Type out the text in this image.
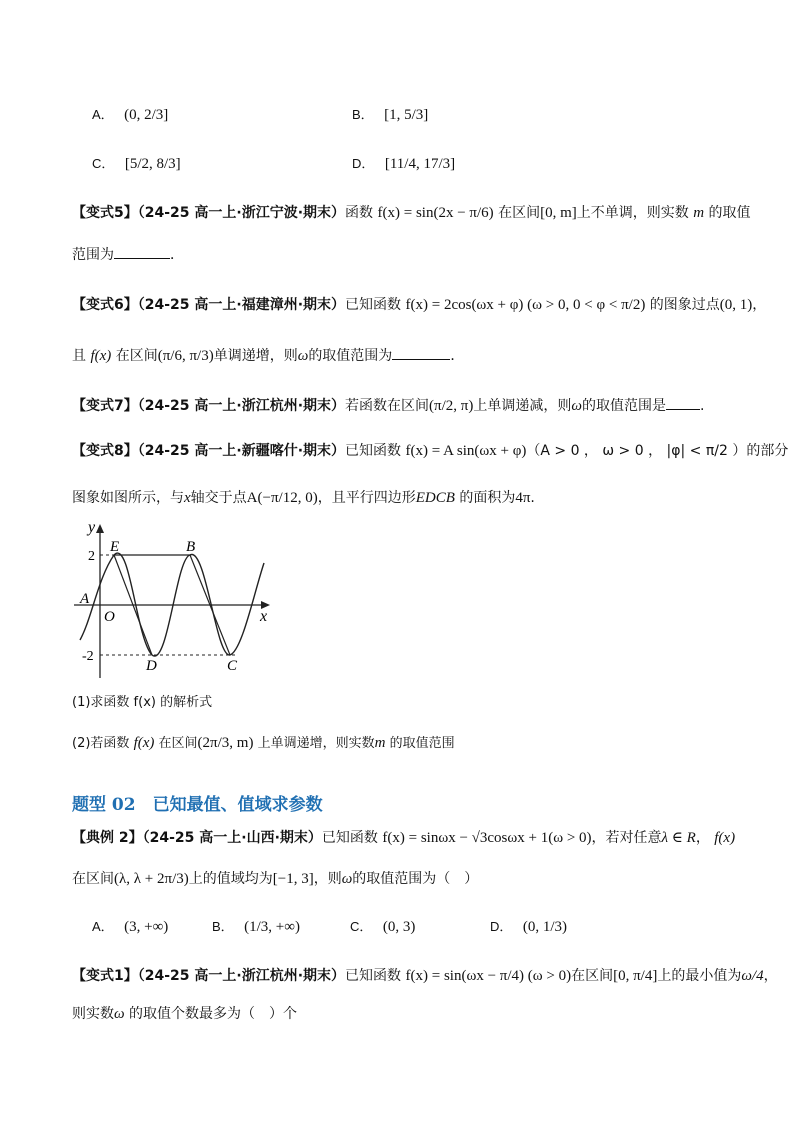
A． (0, 2/3]	B． [1, 5/3]
C． [5/2, 8/3]	D． [11/4, 17/3]
【变式5】（24-25 高一上·浙江宁波·期末）函数 f(x) = sin(2x − π/6) 在区间[0, m]上不单调，则实数 m 的取值
范围为	．
【变式6】（24-25 高一上·福建漳州·期末）已知函数 f(x) = 2cos(ωx + φ) (ω > 0, 0 < φ < π/2) 的图象过点(0, 1)，
且 f(x) 在区间(π/6, π/3)单调递增，则ω的取值范围为	．
【变式7】（24-25 高一上·浙江杭州·期末）若函数在区间(π/2, π)上单调递减，则ω的取值范围是 .
【变式8】（24-25 高一上·新疆喀什·期末）已知函数 f(x) = A sin(ωx + φ)（A > 0 ， ω > 0 ， |φ| < π/2 ）的部分
图象如图所示，与x轴交于点A(−π/12, 0)，且平行四边形EDCB 的面积为4π.
y
x
2
-2
A
O
E	B
D	C
(1)求函数 f(x) 的解析式
(2)若函数 f(x) 在区间(2π/3, m) 上单调递增，则实数m 的取值范围
题型 02　已知最值、值域求参数
【典例 2】（24-25 高一上·山西·期末）已知函数 f(x) = sinωx − √3cosωx + 1(ω > 0)，若对任意λ ∈ R， f(x)
在区间(λ, λ + 2π/3)上的值域均为[−1, 3]，则ω的取值范围为（　）
A． (3, +∞)	B． (1/3, +∞)	C． (0, 3)	D． (0, 1/3)
【变式1】（24-25 高一上·浙江杭州·期末）已知函数 f(x) = sin(ωx − π/4) (ω > 0)在区间[0, π/4]上的最小值为ω/4，
则实数ω 的取值个数最多为（　）个
